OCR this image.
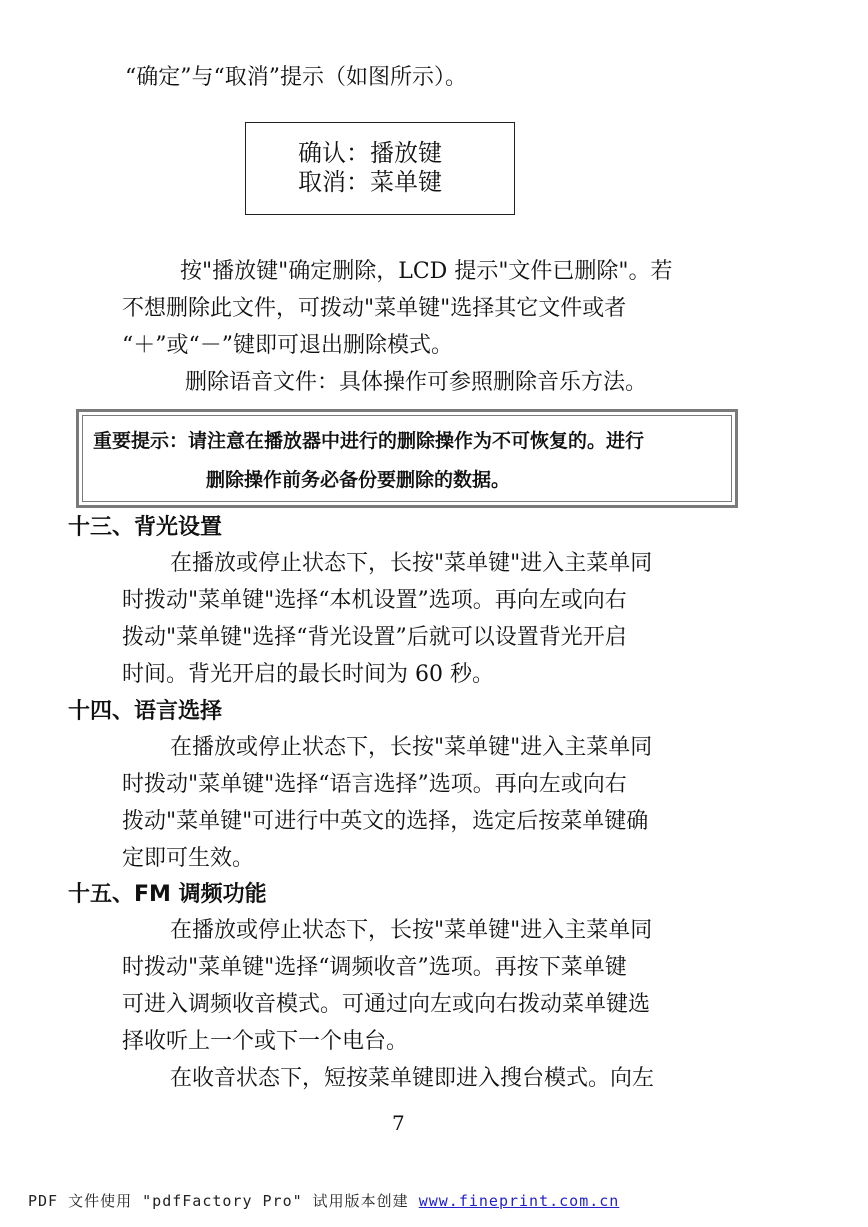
“确定”与“取消”提示（如图所示）。
确认：播放键
取消：菜单键
按"播放键"确定删除，LCD 提示"文件已删除"。若
不想删除此文件，可拨动"菜单键"选择其它文件或者
“＋”或“－”键即可退出删除模式。
删除语音文件：具体操作可参照删除音乐方法。
重要提示：请注意在播放器中进行的删除操作为不可恢复的。进行
删除操作前务必备份要删除的数据。
十三、背光设置
在播放或停止状态下，长按"菜单键"进入主菜单同
时拨动"菜单键"选择“本机设置”选项。再向左或向右
拨动"菜单键"选择“背光设置”后就可以设置背光开启
时间。背光开启的最长时间为 60 秒。
十四、语言选择
在播放或停止状态下，长按"菜单键"进入主菜单同
时拨动"菜单键"选择“语言选择”选项。再向左或向右
拨动"菜单键"可进行中英文的选择，选定后按菜单键确
定即可生效。
十五、FM 调频功能
在播放或停止状态下，长按"菜单键"进入主菜单同
时拨动"菜单键"选择“调频收音”选项。再按下菜单键
可进入调频收音模式。可通过向左或向右拨动菜单键选
择收听上一个或下一个电台。
在收音状态下，短按菜单键即进入搜台模式。向左
7
PDF 文件使用 "pdfFactory Pro" 试用版本创建 www.fineprint.com.cn
